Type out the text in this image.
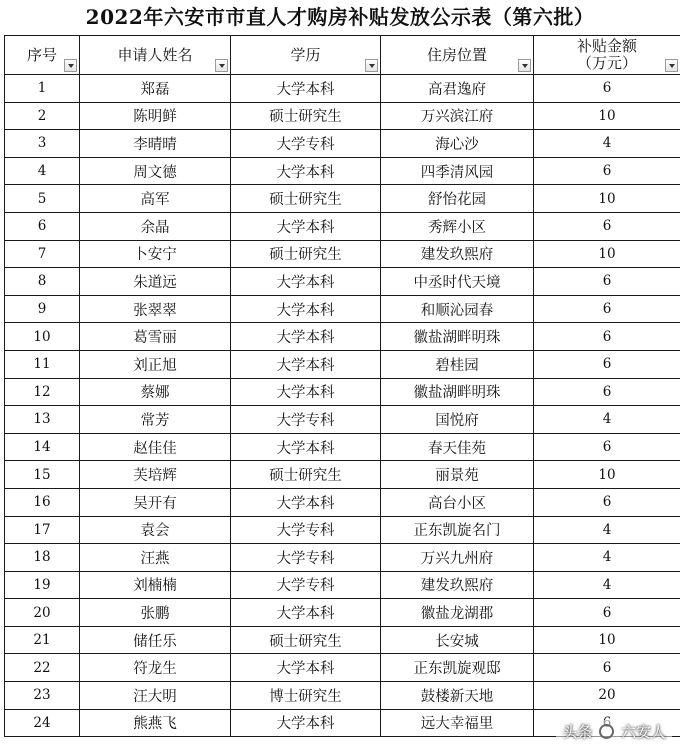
2022年六安市市直人才购房补贴发放公示表（第六批）
序号	申请人姓名	学历	住房位置	补贴金额
（万元）

1	郑磊	大学本科	高君逸府	6
2	陈明鲜	硕士研究生	万兴滨江府	10
3	李晴晴	大学专科	海心沙	4
4	周文德	大学本科	四季清风园	6
5	高军	硕士研究生	舒怡花园	10
6	余晶	大学本科	秀辉小区	6
7	卜安宁	硕士研究生	建发玖熙府	10
8	朱道远	大学本科	中丞时代天境	6
9	张翠翠	大学本科	和顺沁园春	6
10	葛雪丽	大学本科	徽盐湖畔明珠	6
11	刘正旭	大学本科	碧桂园	6
12	蔡娜	大学本科	徽盐湖畔明珠	6
13	常芳	大学专科	国悦府	4
14	赵佳佳	大学本科	春天佳苑	6
15	芙培辉	硕士研究生	丽景苑	10
16	吴开有	大学本科	高台小区	6
17	袁会	大学专科	正东凯旋名门	4
18	汪燕	大学专科	万兴九州府	4
19	刘楠楠	大学专科	建发玖熙府	4
20	张鹏	大学本科	徽盐龙湖郡	6
21	储任乐	硕士研究生	长安城	10
22	符龙生	大学本科	正东凯旋观邸	6
23	汪大明	博士研究生	鼓楼新天地	20
24	熊燕飞	大学本科	远大幸福里		头条 六安人
